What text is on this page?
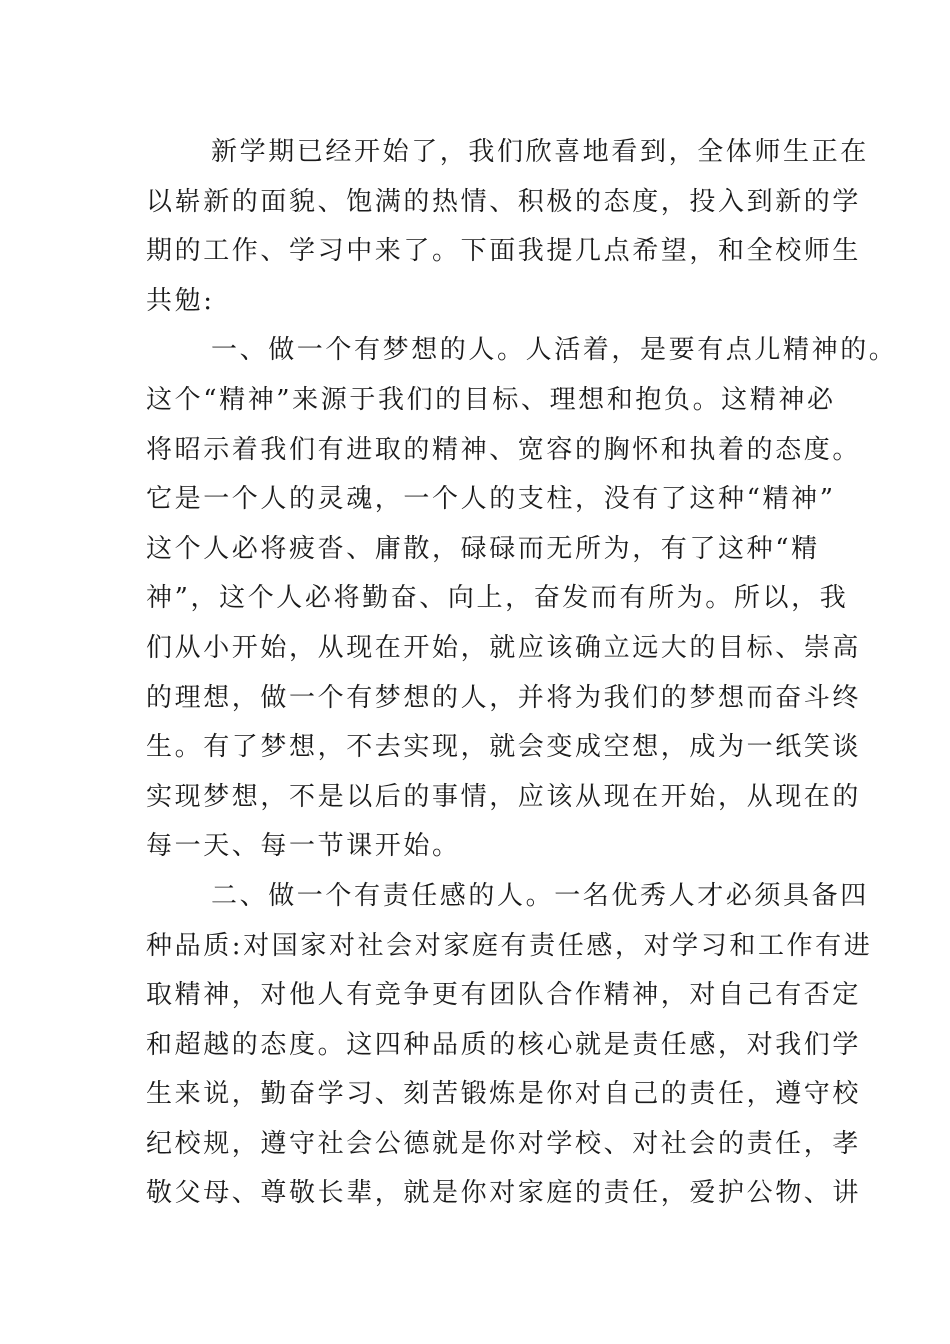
新学期已经开始了，我们欣喜地看到，全体师生正在
以崭新的面貌、饱满的热情、积极的态度，投入到新的学
期的工作、学习中来了。下面我提几点希望，和全校师生
共勉:
一、做一个有梦想的人。人活着，是要有点儿精神的。
这个“精神”来源于我们的目标、理想和抱负。这精神必
将昭示着我们有进取的精神、宽容的胸怀和执着的态度。
它是一个人的灵魂，一个人的支柱，没有了这种“精神”
这个人必将疲沓、庸散，碌碌而无所为，有了这种“精
神”，这个人必将勤奋、向上，奋发而有所为。所以，我
们从小开始，从现在开始，就应该确立远大的目标、崇高
的理想，做一个有梦想的人，并将为我们的梦想而奋斗终
生。有了梦想，不去实现，就会变成空想，成为一纸笑谈
实现梦想，不是以后的事情，应该从现在开始，从现在的
每一天、每一节课开始。
二、做一个有责任感的人。一名优秀人才必须具备四
种品质:对国家对社会对家庭有责任感，对学习和工作有进
取精神，对他人有竞争更有团队合作精神，对自己有否定
和超越的态度。这四种品质的核心就是责任感，对我们学
生来说，勤奋学习、刻苦锻炼是你对自己的责任，遵守校
纪校规，遵守社会公德就是你对学校、对社会的责任，孝
敬父母、尊敬长辈，就是你对家庭的责任，爱护公物、讲
